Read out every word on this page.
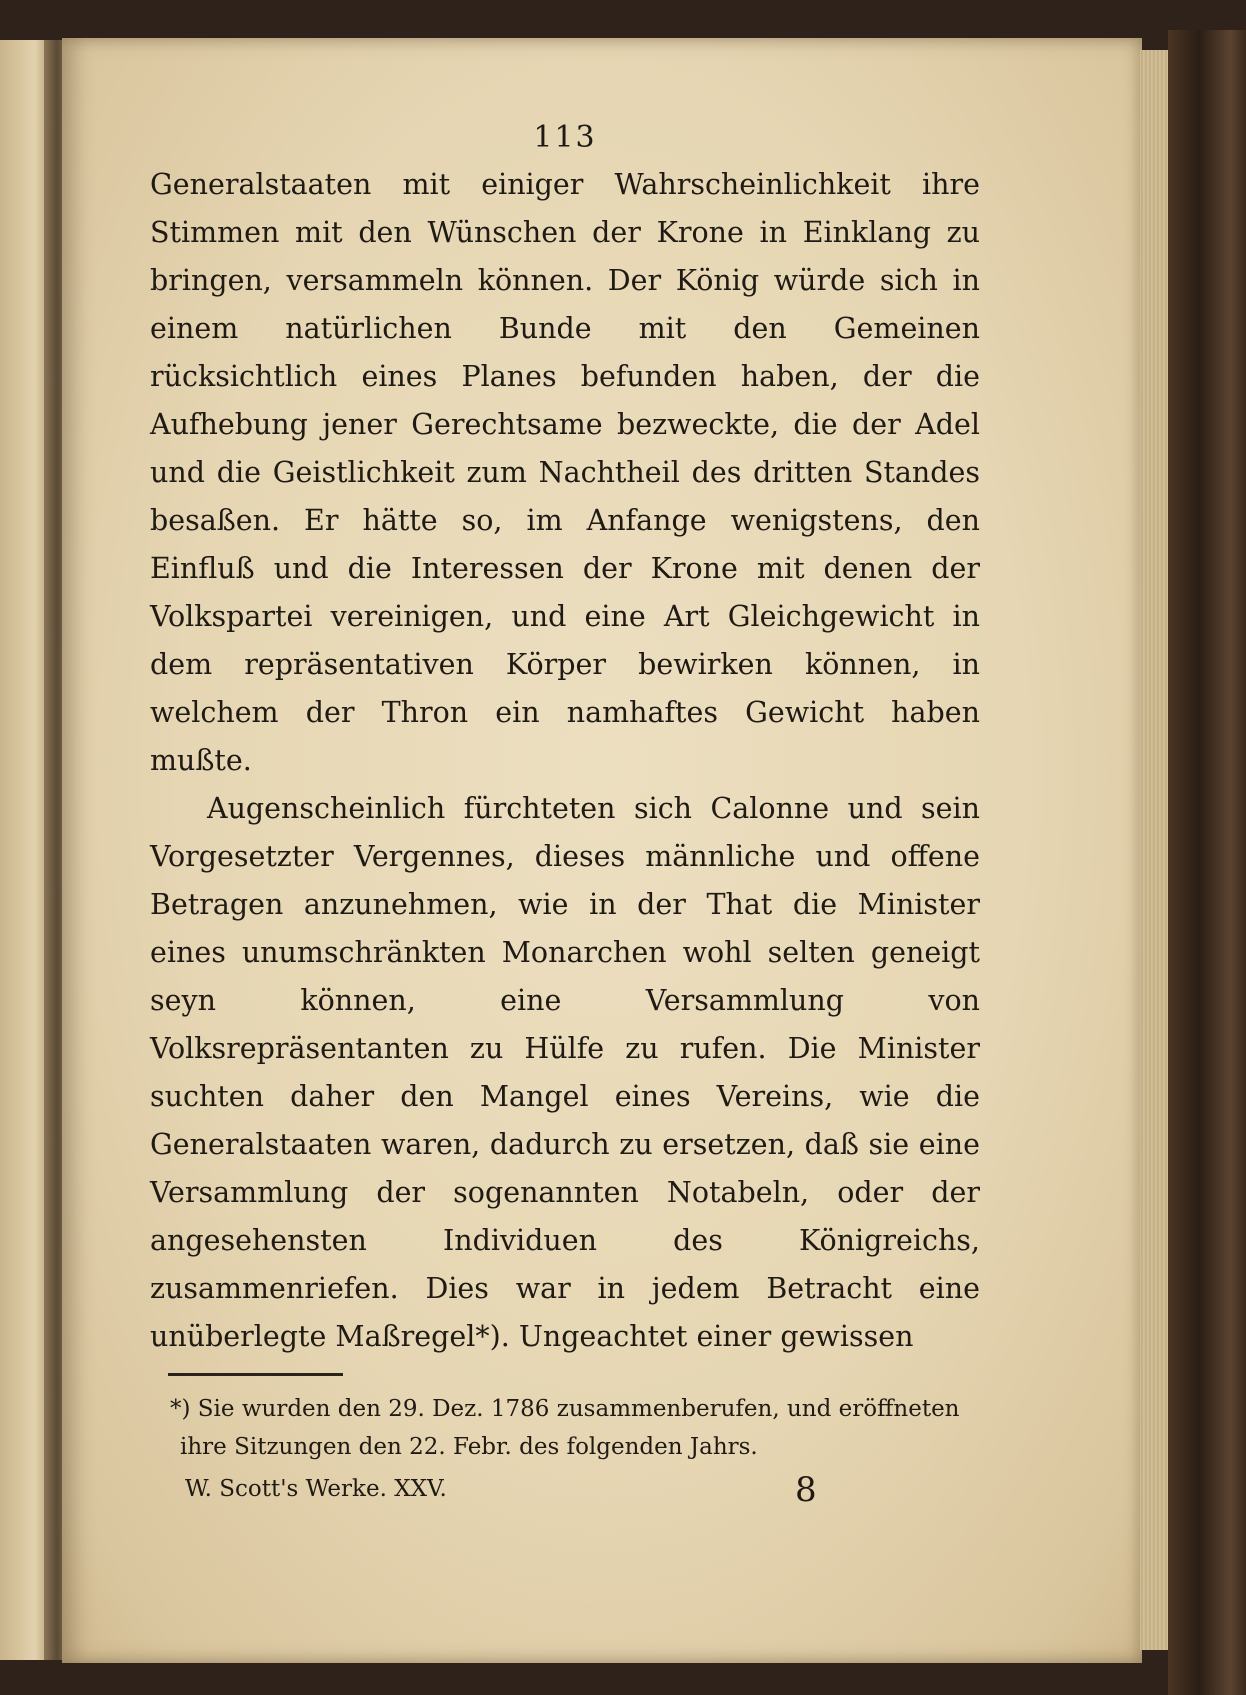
113

Generalstaaten mit einiger Wahrscheinlichkeit ihre Stimmen mit den Wünschen der Krone in Einklang zu bringen, versammeln können. Der König würde sich in einem natürlichen Bunde mit den Gemeinen rücksichtlich eines Planes befunden haben, der die Aufhebung jener Gerechtsame bezweckte, die der Adel und die Geistlichkeit zum Nachtheil des dritten Standes besaßen. Er hätte so, im Anfange wenigstens, den Einfluß und die Interessen der Krone mit denen der Volkspartei vereinigen, und eine Art Gleichgewicht in dem repräsentativen Körper bewirken können, in welchem der Thron ein namhaftes Gewicht haben mußte.

Augenscheinlich fürchteten sich Calonne und sein Vorgesetzter Vergennes, dieses männliche und offene Betragen anzunehmen, wie in der That die Minister eines unumschränkten Monarchen wohl selten geneigt seyn können, eine Versammlung von Volksrepräsentanten zu Hülfe zu rufen. Die Minister suchten daher den Mangel eines Vereins, wie die Generalstaaten waren, dadurch zu ersetzen, daß sie eine Versammlung der sogenannten Notabeln, oder der angesehensten Individuen des Königreichs, zusammenriefen. Dies war in jedem Betracht eine unüberlegte Maßregel*). Ungeachtet einer gewissen

*) Sie wurden den 29. Dez. 1786 zusammenberufen, und eröffneten ihre Sitzungen den 22. Febr. des folgenden Jahrs.

W. Scott's Werke. XXV.	8
